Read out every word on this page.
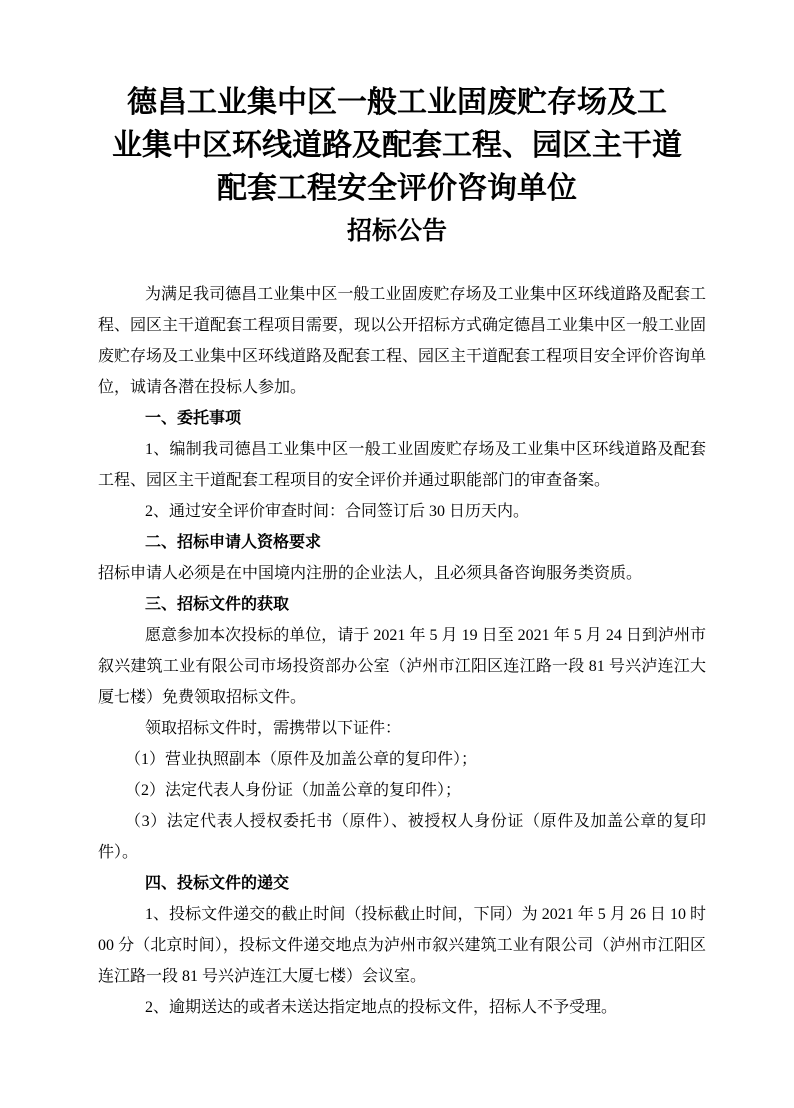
德昌工业集中区一般工业固废贮存场及工
业集中区环线道路及配套工程、园区主干道
配套工程安全评价咨询单位
招标公告

为满足我司德昌工业集中区一般工业固废贮存场及工业集中区环线道路及配套工程、园区主干道配套工程项目需要，现以公开招标方式确定德昌工业集中区一般工业固废贮存场及工业集中区环线道路及配套工程、园区主干道配套工程项目安全评价咨询单位，诚请各潜在投标人参加。

一、委托事项

1、编制我司德昌工业集中区一般工业固废贮存场及工业集中区环线道路及配套工程、园区主干道配套工程项目的安全评价并通过职能部门的审查备案。

2、通过安全评价审查时间：合同签订后 30 日历天内。

二、招标申请人资格要求

招标申请人必须是在中国境内注册的企业法人，且必须具备咨询服务类资质。

三、招标文件的获取

愿意参加本次投标的单位，请于 2021 年 5 月 19 日至 2021 年 5 月 24 日到泸州市叙兴建筑工业有限公司市场投资部办公室（泸州市江阳区连江路一段 81 号兴泸连江大厦七楼）免费领取招标文件。

领取招标文件时，需携带以下证件：

（1）营业执照副本（原件及加盖公章的复印件）；

（2）法定代表人身份证（加盖公章的复印件）；

（3）法定代表人授权委托书（原件）、被授权人身份证（原件及加盖公章的复印件）。

四、投标文件的递交

1、投标文件递交的截止时间（投标截止时间，下同）为 2021 年 5 月 26 日 10 时 00 分（北京时间），投标文件递交地点为泸州市叙兴建筑工业有限公司（泸州市江阳区连江路一段 81 号兴泸连江大厦七楼）会议室。

2、逾期送达的或者未送达指定地点的投标文件，招标人不予受理。
